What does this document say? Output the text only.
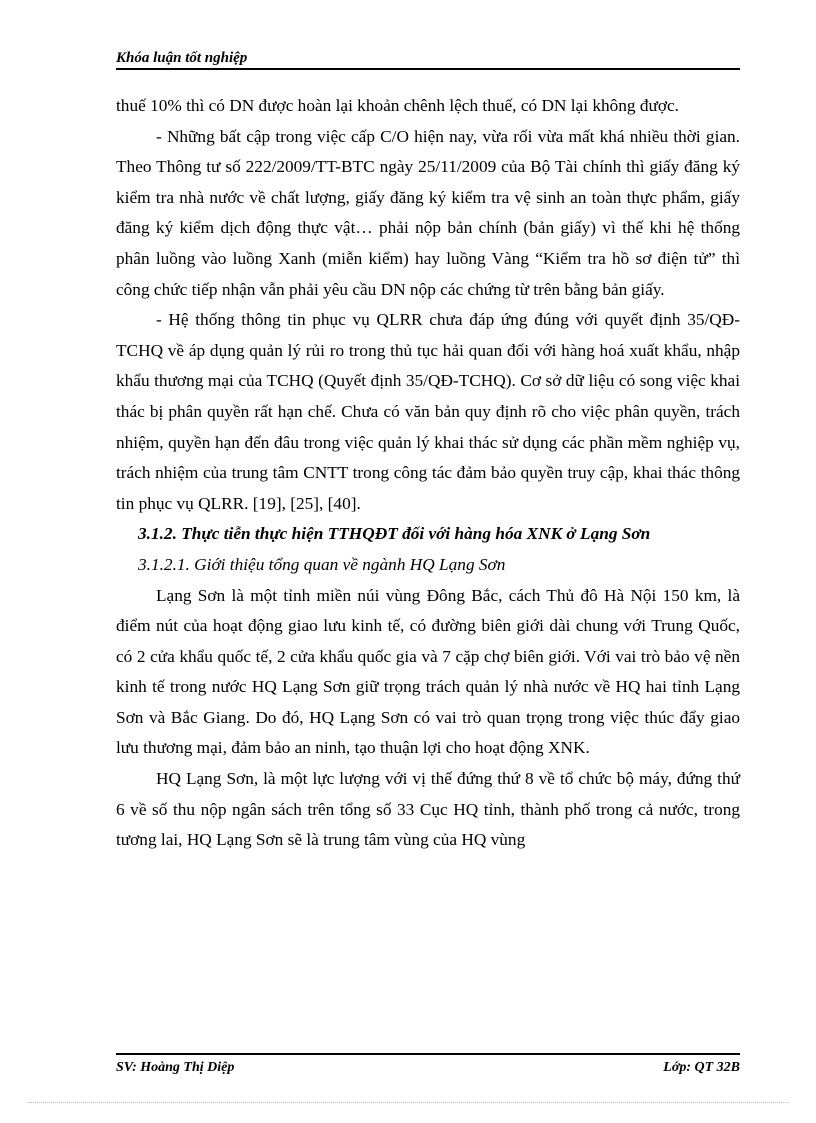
Khóa luận tốt nghiệp

thuế 10% thì có DN được hoàn lại khoản chênh lệch thuế, có DN lại không được.

- Những bất cập trong việc cấp C/O hiện nay, vừa rối vừa mất khá nhiều thời gian. Theo Thông tư số 222/2009/TT-BTC ngày 25/11/2009 của Bộ Tài chính thì giấy đăng ký kiểm tra nhà nước về chất lượng, giấy đăng ký kiểm tra vệ sinh an toàn thực phẩm, giấy đăng ký kiểm dịch động thực vật… phải nộp bản chính (bản giấy) vì thế khi hệ thống phân luồng vào luồng Xanh (miễn kiểm) hay luồng Vàng “Kiểm tra hồ sơ điện tử” thì công chức tiếp nhận vẫn phải yêu cầu DN nộp các chứng từ trên bằng bản giấy.

- Hệ thống thông tin phục vụ QLRR chưa đáp ứng đúng với quyết định 35/QĐ-TCHQ về áp dụng quản lý rủi ro trong thủ tục hải quan đối với hàng hoá xuất khẩu, nhập khẩu thương mại của TCHQ (Quyết định 35/QĐ-TCHQ). Cơ sở dữ liệu có song việc khai thác bị phân quyền rất hạn chế. Chưa có văn bản quy định rõ cho việc phân quyền, trách nhiệm, quyền hạn đến đâu trong việc quản lý khai thác sử dụng các phần mềm nghiệp vụ, trách nhiệm của trung tâm CNTT trong công tác đảm bảo quyền truy cập, khai thác thông tin phục vụ QLRR. [19], [25], [40].

3.1.2. Thực tiễn thực hiện TTHQĐT đối với hàng hóa XNK ở Lạng Sơn

3.1.2.1. Giới thiệu tổng quan về ngành HQ Lạng Sơn

Lạng Sơn là một tỉnh miền núi vùng Đông Bắc, cách Thủ đô Hà Nội 150 km, là điểm nút của hoạt động giao lưu kinh tế, có đường biên giới dài chung với Trung Quốc, có 2 cửa khẩu quốc tế, 2 cửa khẩu quốc gia và 7 cặp chợ biên giới. Với vai trò bảo vệ nền kinh tế trong nước HQ Lạng Sơn giữ trọng trách quản lý nhà nước về HQ hai tỉnh Lạng Sơn và Bắc Giang. Do đó, HQ Lạng Sơn có vai trò quan trọng trong việc thúc đẩy giao lưu thương mại, đảm bảo an ninh, tạo thuận lợi cho hoạt động XNK.

HQ Lạng Sơn, là một lực lượng với vị thế đứng thứ 8 về tổ chức bộ máy, đứng thứ 6 về số thu nộp ngân sách trên tổng số 33 Cục HQ tỉnh, thành phố trong cả nước, trong tương lai, HQ Lạng Sơn sẽ là trung tâm vùng của HQ vùng

SV: Hoàng Thị Diệp	Lớp: QT 32B
